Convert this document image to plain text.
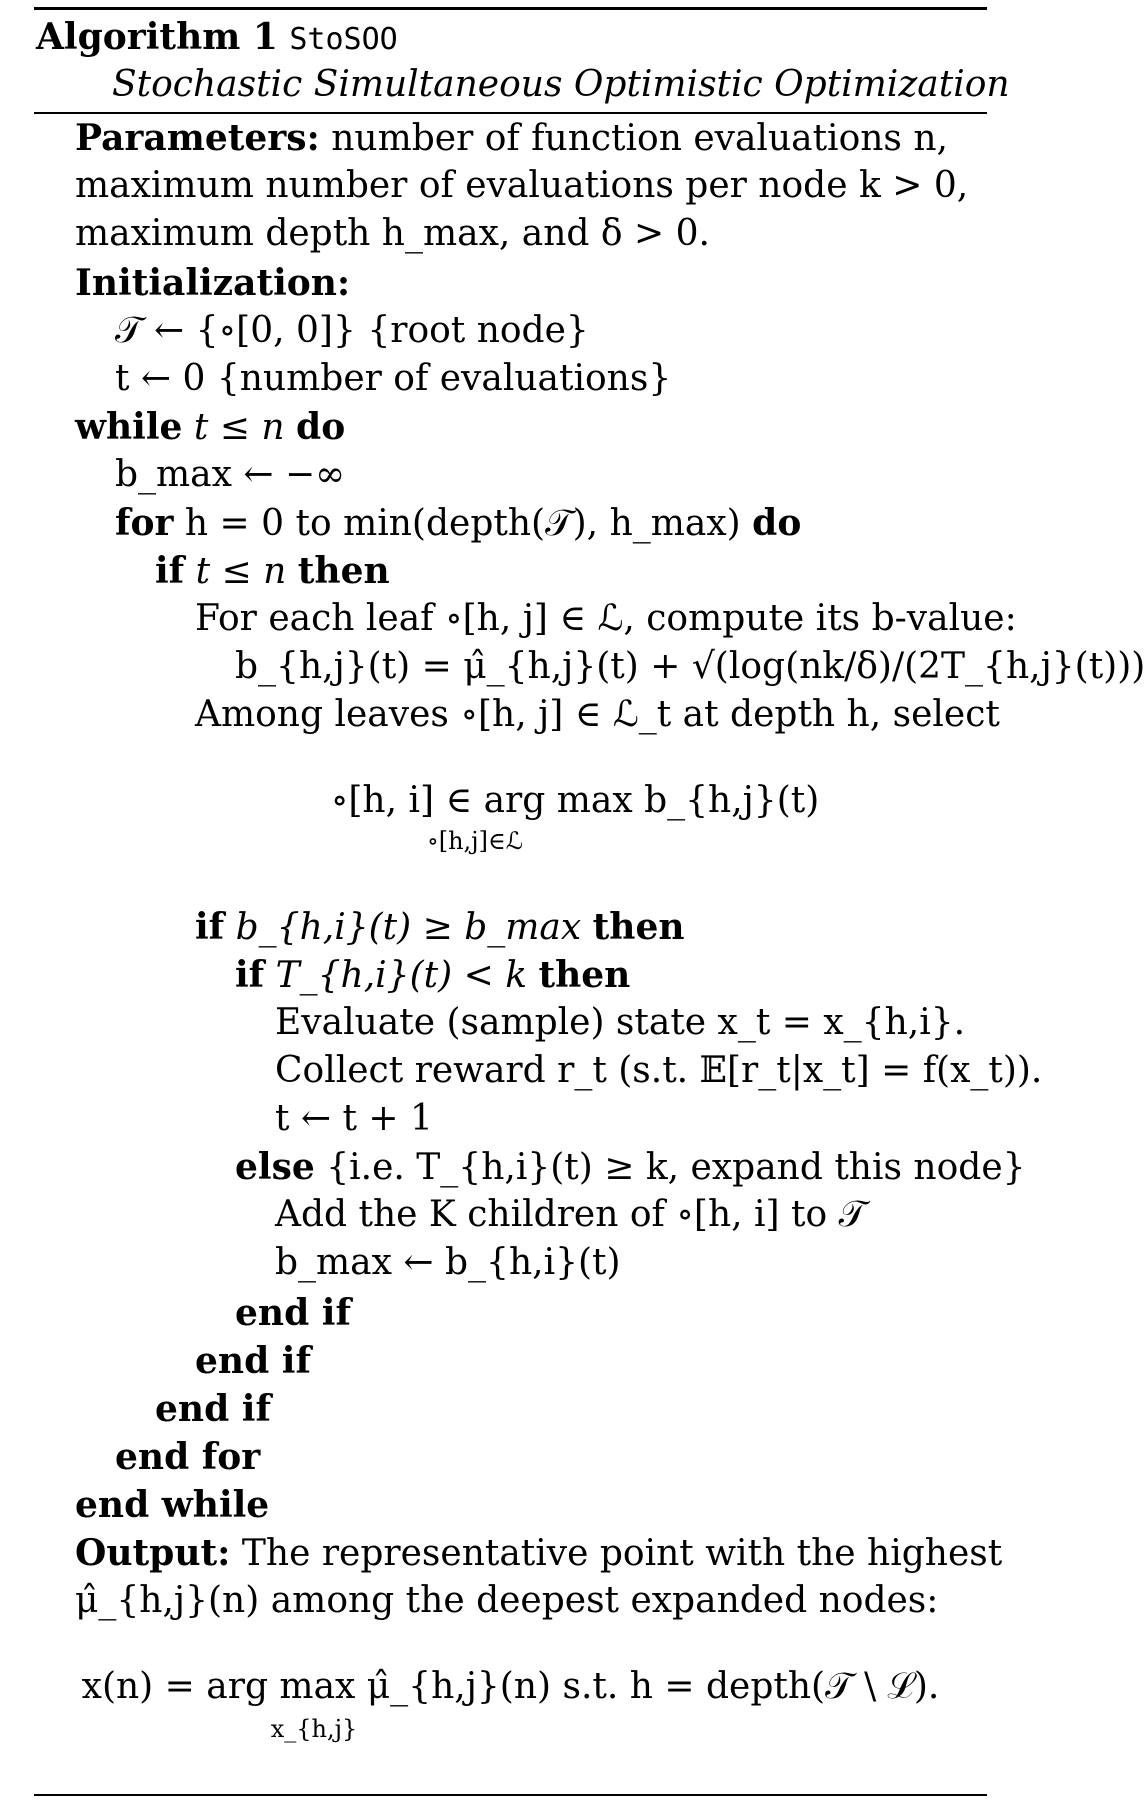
Algorithm 1 StoSOO
Stochastic Simultaneous Optimistic Optimization
Parameters: number of function evaluations n,
maximum number of evaluations per node k > 0,
maximum depth h_max, and δ > 0.
Initialization:
𝒯 ← {∘[0, 0]} { root node }
t ← 0 { number of evaluations }
while t ≤ n do
b_max ← −∞
for h = 0 to min(depth(𝒯), h_max) do
if t ≤ n then
For each leaf ∘[h, j] ∈ ℒ, compute its b-value:
b_{h,j}(t) = μ̂_{h,j}(t) + √(log(nk/δ)/(2T_{h,j}(t)))
Among leaves ∘[h, j] ∈ ℒ_t at depth h, select
∘[h, i] ∈ arg max b_{h,j}(t)
∘[h,j]∈ℒ
if b_{h,i}(t) ≥ b_max then
if T_{h,i}(t) < k then
Evaluate (sample) state x_t = x_{h,i}.
Collect reward r_t (s.t. 𝔼[r_t|x_t] = f(x_t)).
t ← t + 1
else { i.e. T_{h,i}(t) ≥ k, expand this node }
Add the K children of ∘[h, i] to 𝒯
b_max ← b_{h,i}(t)
end if
end if
end if
end for
end while
Output: The representative point with the highest
μ̂_{h,j}(n) among the deepest expanded nodes:
x(n) = arg max μ̂_{h,j}(n) s.t. h = depth(𝒯 \ ℒ).
x_{h,j}
